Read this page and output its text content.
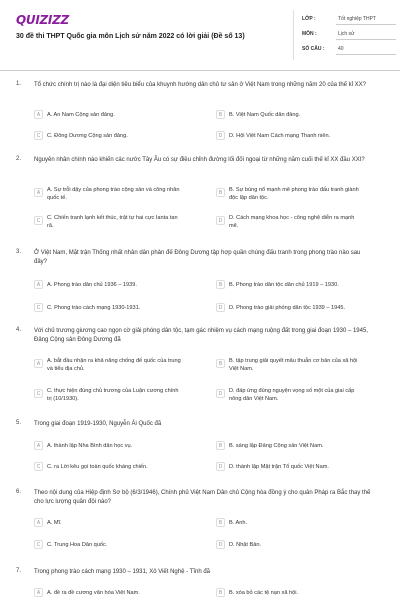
QUIZIZZ
30 đề thi THPT Quốc gia môn Lịch sử năm 2022 có lời giải (Đề số 13)
LỚP :	Tốt nghiệp THPT
MÔN :	Lịch sử
SỐ CÂU :	40
1. Tổ chức chính trị nào là đại diện tiêu biểu của khuynh hướng dân chủ tư sản ở Việt Nam trong những năm 20 của thế kỉ XX?
A	A. An Nam Cộng sản đảng.	B	B. Việt Nam Quốc dân đảng.
C	C. Đông Dương Cộng sản đảng.	D	D. Hội Việt Nam Cách mạng Thanh niên.
2. Nguyên nhân chính nào khiến các nước Tây Âu có sự điều chỉnh đường lối đối ngoại từ những năm cuối thế kỉ XX đầu XXI?
A	A. Sự trỗi dậy của phong trào cộng sản và công nhân quốc tế.
B	B. Sự bùng nổ mạnh mẽ phong trào đấu tranh giành độc lập dân tộc.
C	C. Chiến tranh lạnh kết thúc, trật tự hai cực Ianta tan rã.
D	D. Cách mạng khoa học - công nghệ diễn ra mạnh mẽ.
3. Ở Việt Nam, Mặt trận Thống nhất nhân dân phản đế Đông Dương tập hợp quần chúng đấu tranh trong phong trào nào sau đây?
A	A. Phong trào dân chủ 1936 – 1939.	B	B. Phong trào dân tộc dân chủ 1919 – 1930.
C	C. Phong trào cách mạng 1930-1931.	D	D. Phong trào giải phóng dân tộc 1939 – 1945.
4. Với chủ trương giương cao ngọn cờ giải phóng dân tộc, tạm gác nhiệm vụ cách mạng ruộng đất trong giai đoạn 1930 – 1945, Đảng Cộng sản Đông Dương đã
A	A. bắt đầu nhận ra khả năng chống đế quốc của trung và tiểu địa chủ.
B	B. tập trung giải quyết mâu thuẫn cơ bản của xã hội Việt Nam.
C	C. thực hiện đúng chủ trương của Luận cương chính trị (10/1930).
D	D. đáp ứng đúng nguyện vọng số một của giai cấp nông dân Việt Nam.
5. Trong giai đoạn 1919-1930, Nguyễn Ái Quốc đã
A	A. thành lập Nha Bình dân học vụ.	B	B. sáng lập Đảng Cộng sản Việt Nam.
C	C. ra Lời kêu gọi toàn quốc kháng chiến.	D	D. thành lập Mặt trận Tổ quốc Việt Nam.
6. Theo nội dung của Hiệp định Sơ bộ (6/3/1946), Chính phủ Việt Nam Dân chủ Cộng hòa đồng ý cho quân Pháp ra Bắc thay thế cho lực lượng quân đội nào?
A	A. Mĩ.	B	B. Anh.
C	C. Trung Hoa Dân quốc.	D	D. Nhật Bản.
7. Trong phong trào cách mạng 1930 – 1931, Xô Viết Nghệ - Tĩnh đã
A	A. đề ra đề cương văn hóa Việt Nam.	B	B. xóa bỏ các tệ nạn xã hội.
